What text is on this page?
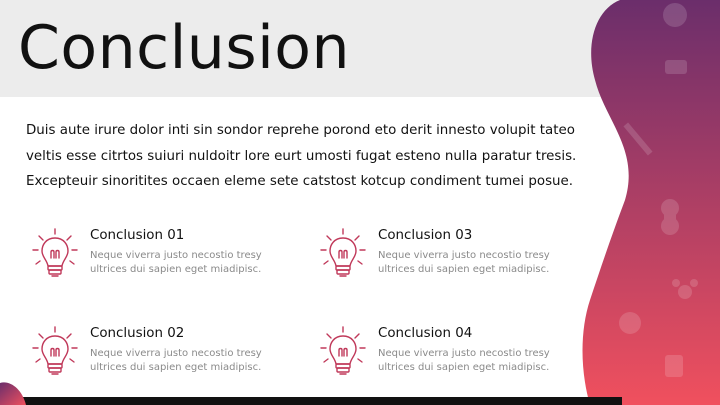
Conclusion

Duis aute irure dolor inti sin sondor reprehe porond eto derit innesto volupit tateo veltis esse citrtos suiuri nuldoitr lore eurt umosti fugat esteno nulla paratur tresis. Excepteuir sinoritites occaen eleme sete catstost kotcup condiment tumei posue.

Conclusion 01

Neque viverra justo necostio tresy ultrices dui sapien eget miadipisc.

Conclusion 03

Neque viverra justo necostio tresy ultrices dui sapien eget miadipisc.

Conclusion 02

Neque viverra justo necostio tresy ultrices dui sapien eget miadipisc.

Conclusion 04

Neque viverra justo necostio tresy ultrices dui sapien eget miadipisc.
